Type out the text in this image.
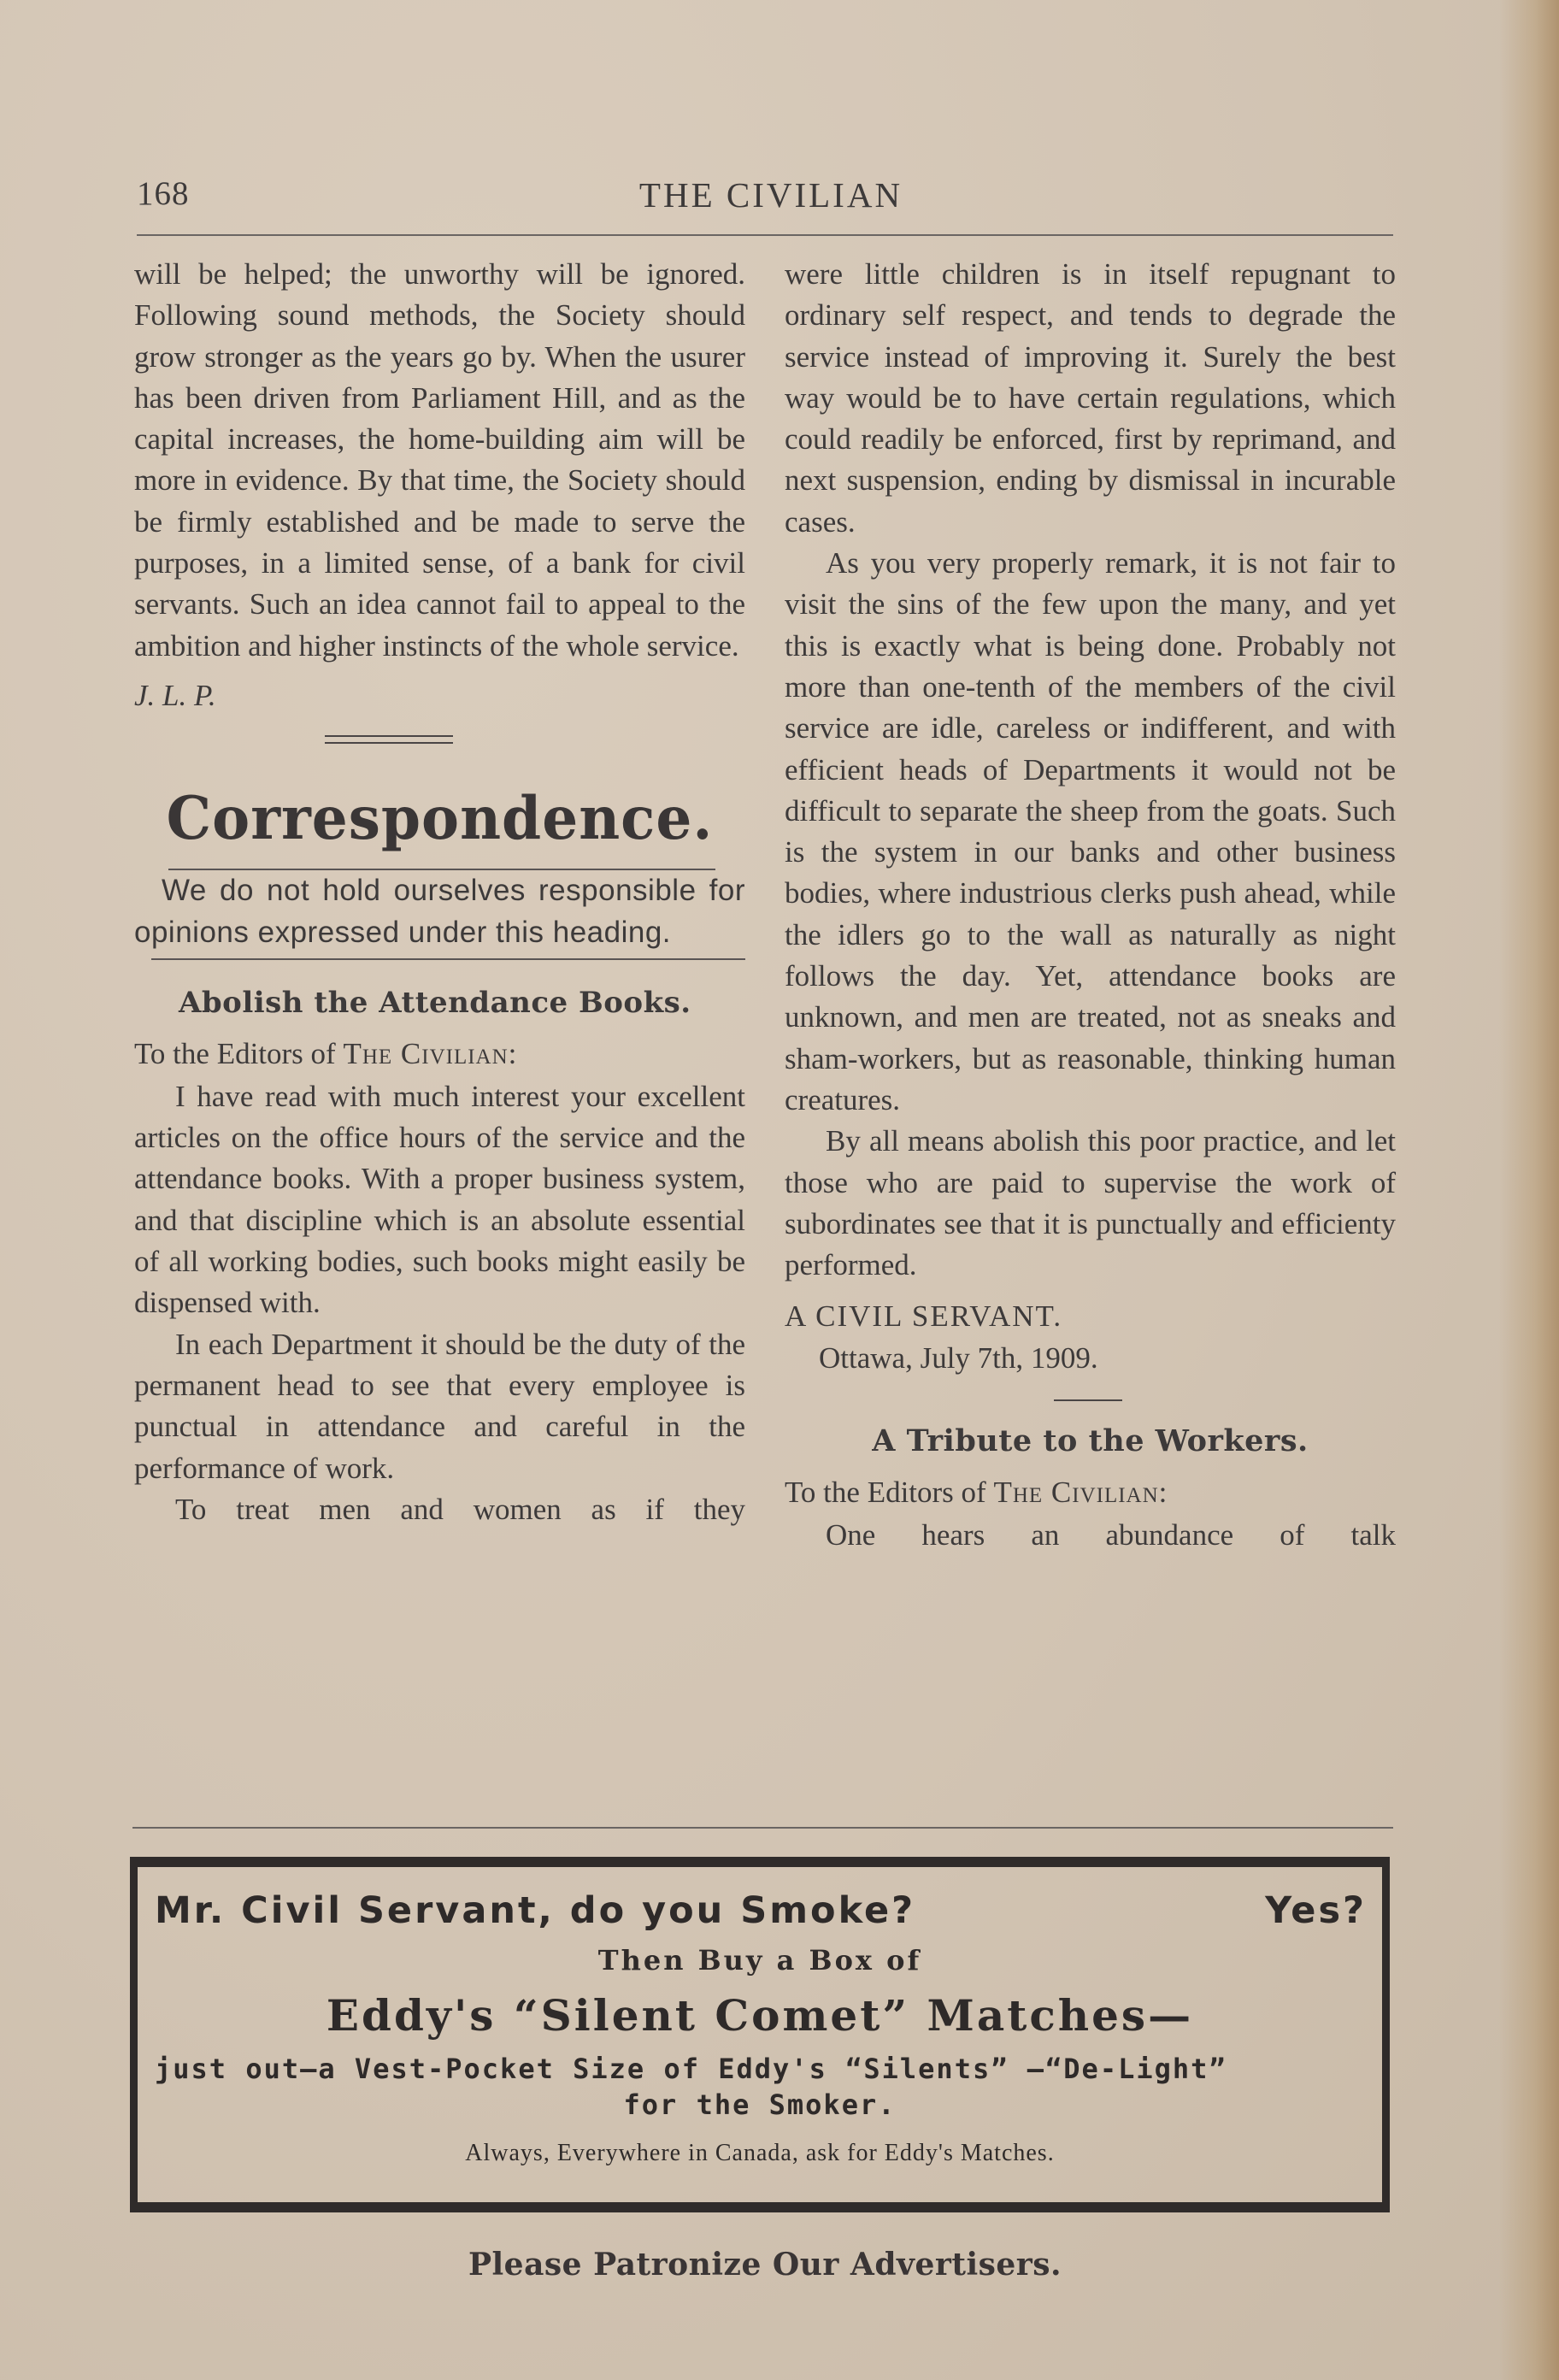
168	THE CIVILIAN

will be helped; the unworthy will be ignored. Following sound methods, the Society should grow stronger as the years go by. When the usurer has been driven from Parliament Hill, and as the capital increases, the home-building aim will be more in evidence. By that time, the Society should be firmly established and be made to serve the purposes, in a limited sense, of a bank for civil servants. Such an idea cannot fail to appeal to the ambition and higher instincts of the whole service.

J. L. P.

Correspondence.

We do not hold ourselves responsible for opinions expressed under this heading.

Abolish the Attendance Books.

To the Editors of The Civilian:

I have read with much interest your excellent articles on the office hours of the service and the attendance books. With a proper business system, and that discipline which is an absolute essential of all working bodies, such books might easily be dispensed with.

In each Department it should be the duty of the permanent head to see that every employee is punctual in attendance and careful in the performance of work.

To treat men and women as if they

were little children is in itself repugnant to ordinary self respect, and tends to degrade the service instead of improving it. Surely the best way would be to have certain regulations, which could readily be enforced, first by reprimand, and next suspension, ending by dismissal in incurable cases.

As you very properly remark, it is not fair to visit the sins of the few upon the many, and yet this is exactly what is being done. Probably not more than one-tenth of the members of the civil service are idle, careless or indifferent, and with efficient heads of Departments it would not be difficult to separate the sheep from the goats. Such is the system in our banks and other business bodies, where industrious clerks push ahead, while the idlers go to the wall as naturally as night follows the day. Yet, attendance books are unknown, and men are treated, not as sneaks and sham-workers, but as reasonable, thinking human creatures.

By all means abolish this poor practice, and let those who are paid to supervise the work of subordinates see that it is punctually and efficienty performed.

A CIVIL SERVANT.

Ottawa, July 7th, 1909.

A Tribute to the Workers.

To the Editors of The Civilian:

One hears an abundance of talk

Mr. Civil Servant, do you Smoke?	Yes?
Then Buy a Box of
Eddy's “Silent Comet” Matches—
just out—a Vest-Pocket Size of Eddy's “Silents” —“De-Light”
for the Smoker.
Always, Everywhere in Canada, ask for Eddy's Matches.
Please Patronize Our Advertisers.
